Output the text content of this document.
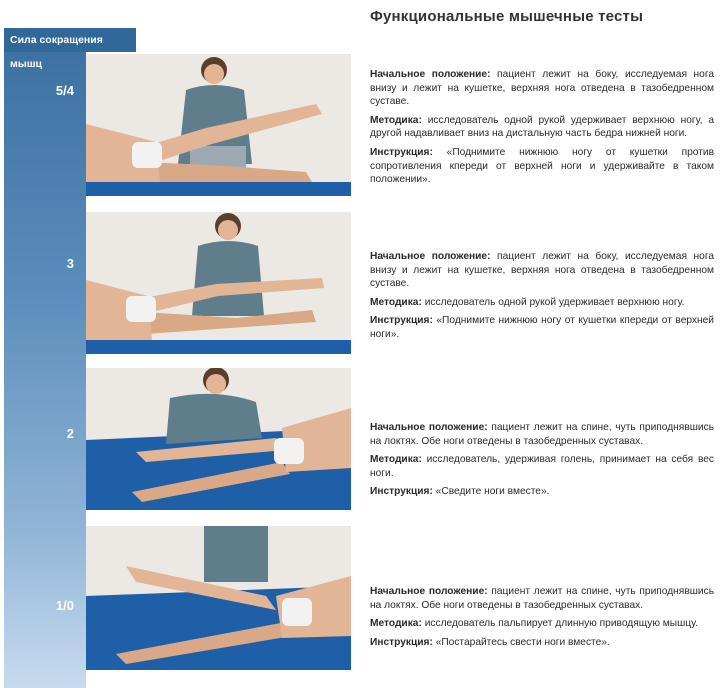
Функциональные мышечные тесты
Сила сокращения мышц
5/4
3
2
1/0

Начальное положение: пациент лежит на боку, исследуемая нога внизу и лежит на кушетке, верхняя нога отведена в тазобедренном суставе.

Методика: исследователь одной рукой удерживает верхнюю ногу, а другой надавливает вниз на дистальную часть бедра нижней ноги.

Инструкция: «Поднимите нижнюю ногу от кушетки против сопротивления кпереди от верхней ноги и удерживайте в таком положении».

Начальное положение: пациент лежит на боку, исследуемая нога внизу и лежит на кушетке, верхняя нога отведена в тазобедренном суставе.

Методика: исследователь одной рукой удерживает верхнюю ногу.

Инструкция: «Поднимите нижнюю ногу от кушетки кпереди от верхней ноги».

Начальное положение: пациент лежит на спине, чуть приподнявшись на локтях. Обе ноги отведены в тазобедренных суставах.

Методика: исследователь, удерживая голень, принимает на себя вес ноги.

Инструкция: «Сведите ноги вместе».

Начальное положение: пациент лежит на спине, чуть приподнявшись на локтях. Обе ноги отведены в тазобедренных суставах.

Методика: исследователь пальпирует длинную приводящую мышцу.

Инструкция: «Постарайтесь свести ноги вместе».
